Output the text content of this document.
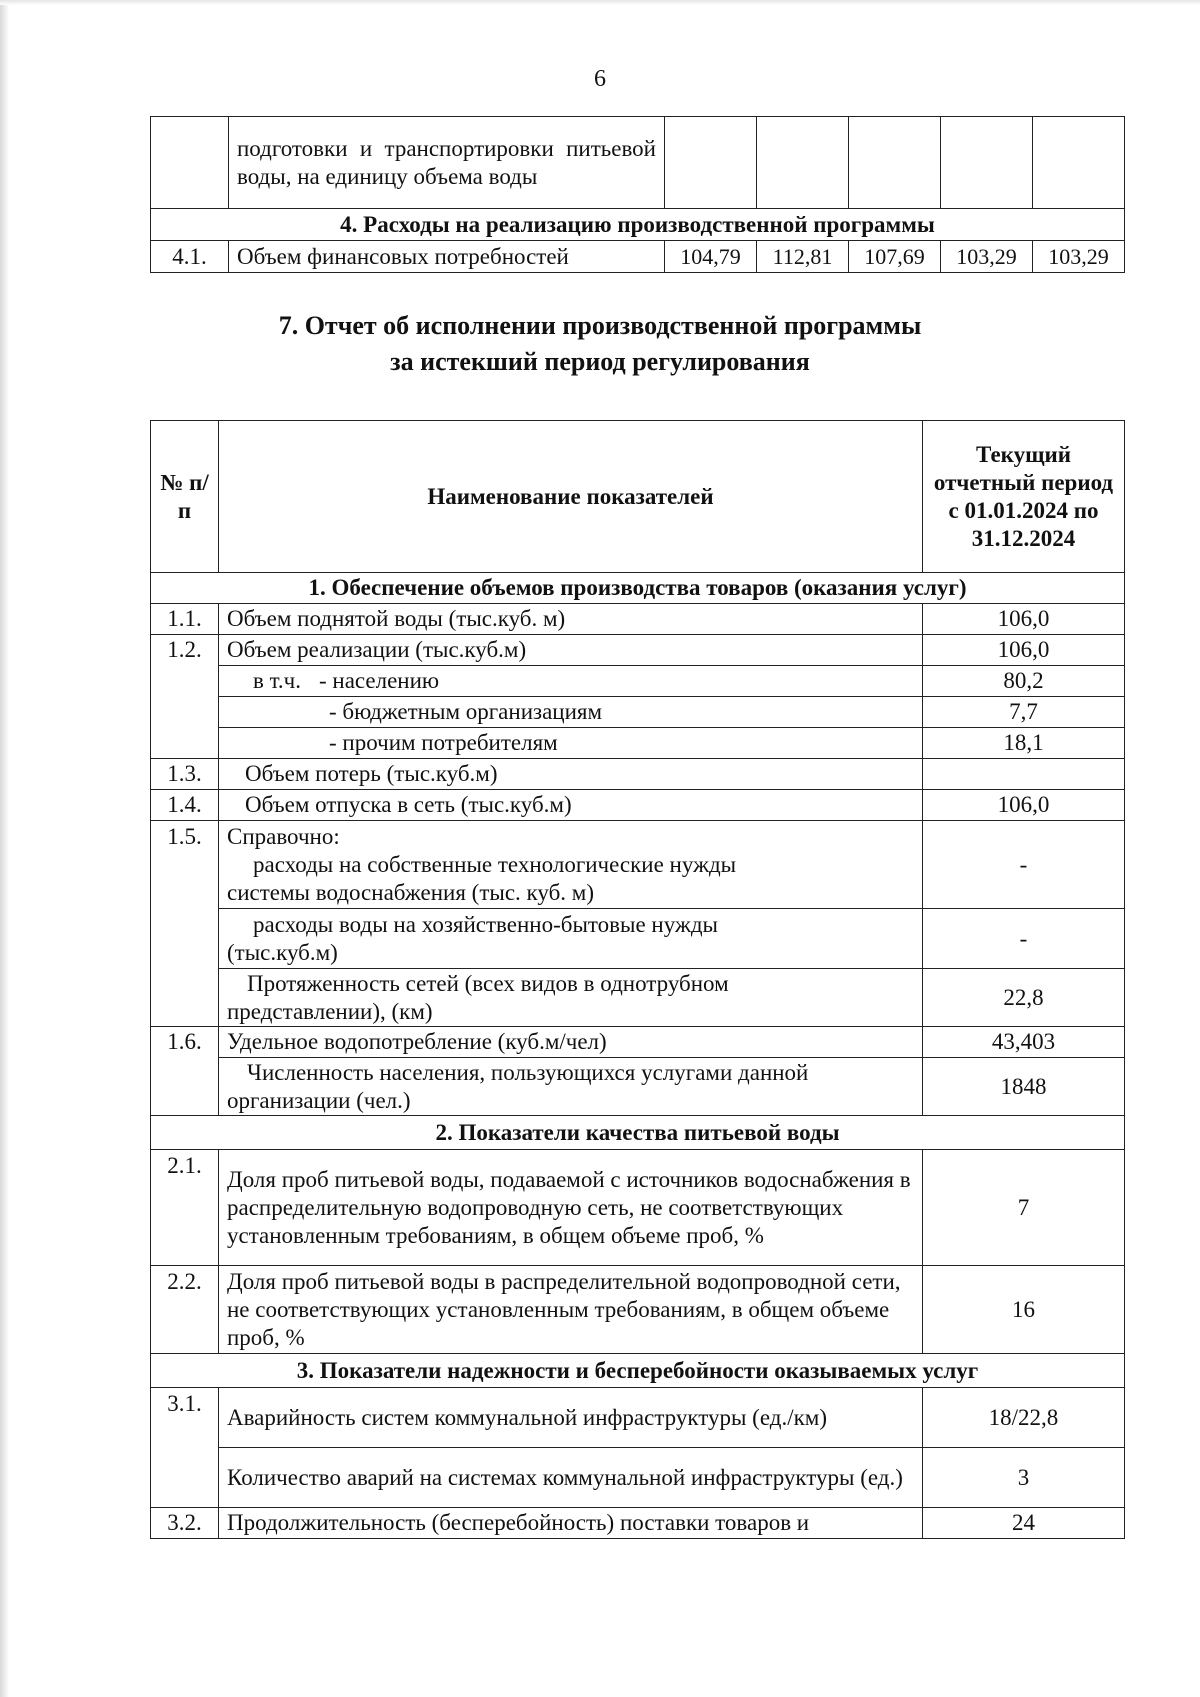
6
	подготовки и транспортировки питьевой воды, на единицу объема воды					
4. Расходы на реализацию производственной программы						
4.1.	Объем финансовых потребностей	104,79	112,81	107,69	103,29	103,29
7. Отчет об исполнении производственной программы
за истекший период регулирования
№ п/п	Наименование показателей	Текущий отчетный период с 01.01.2024 по 31.12.2024
1. Обеспечение объемов производства товаров (оказания услуг)		
1.1.	Объем поднятой воды (тыс.куб. м)	106,0
1.2.	Объем реализации (тыс.куб.м)	106,0
	в т.ч. - населению	80,2
	- бюджетным организациям	7,7
	- прочим потребителям	18,1
1.3.	Объем потерь (тыс.куб.м)	
1.4.	Объем отпуска в сеть (тыс.куб.м)	106,0
1.5.	Справочно:
расходы на собственные технологические нужды
системы водоснабжения (тыс. куб. м)	-

	расходы воды на хозяйственно-бытовые нужды
(тыс.куб.м)	-

	Протяженность сетей (всех видов в однотрубном
представлении), (км)	22,8
1.6.	Удельное водопотребление (куб.м/чел)	43,403

	Численность населения, пользующихся услугами данной
организации (чел.)	1848
2. Показатели качества питьевой воды		
2.1.	Доля проб питьевой воды, подаваемой с источников водоснабжения в распределительную водопроводную сеть, не соответствующих установленным требованиям, в общем объеме проб, %	7
2.2.	Доля проб питьевой воды в распределительной водопроводной сети, не соответствующих установленным требованиям, в общем объеме проб, %	16
3. Показатели надежности и бесперебойности оказываемых услуг		
3.1.	Аварийность систем коммунальной инфраструктуры (ед./км)	18/22,8
	Количество аварий на системах коммунальной инфраструктуры (ед.)	3
3.2.	Продолжительность (бесперебойность) поставки товаров и	24
